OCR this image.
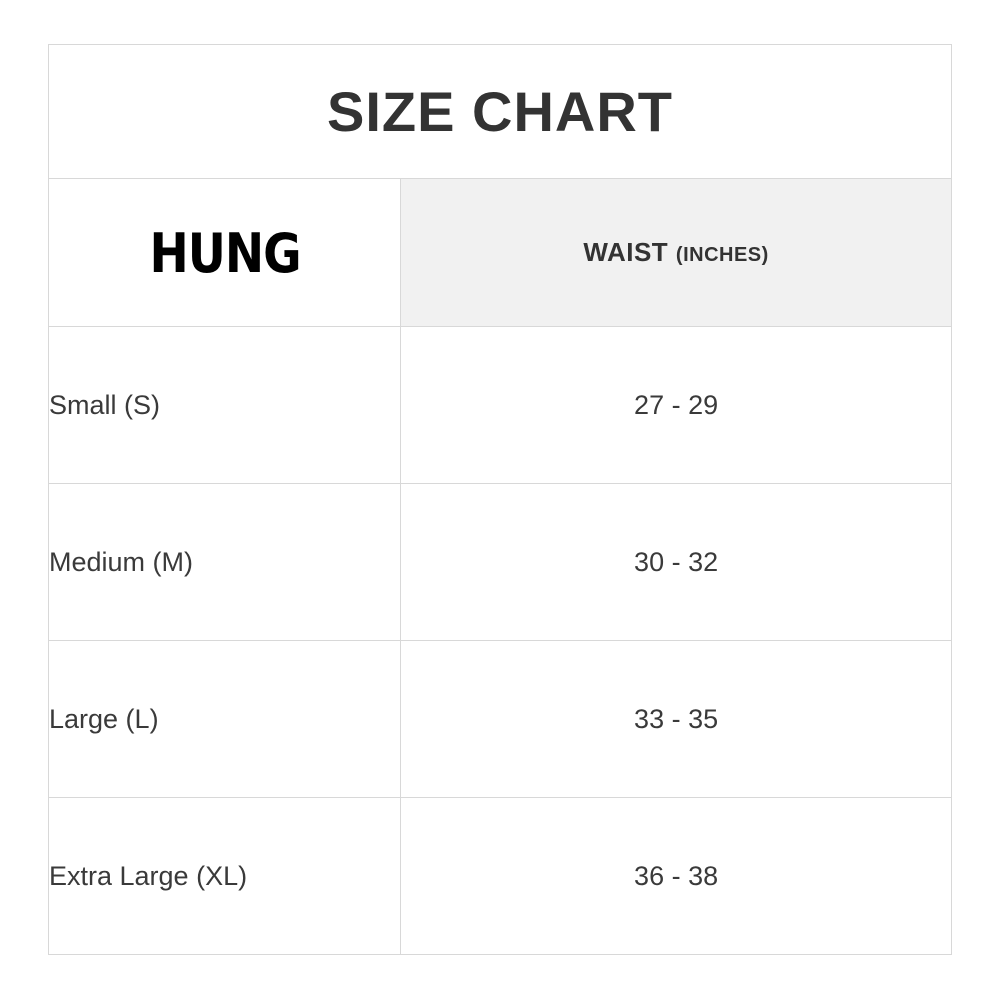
SIZE CHART	
HUNG	WAIST (INCHES)
Small (S)	27 - 29
Medium (M)	30 - 32
Large (L)	33 - 35
Extra Large (XL)	36 - 38
